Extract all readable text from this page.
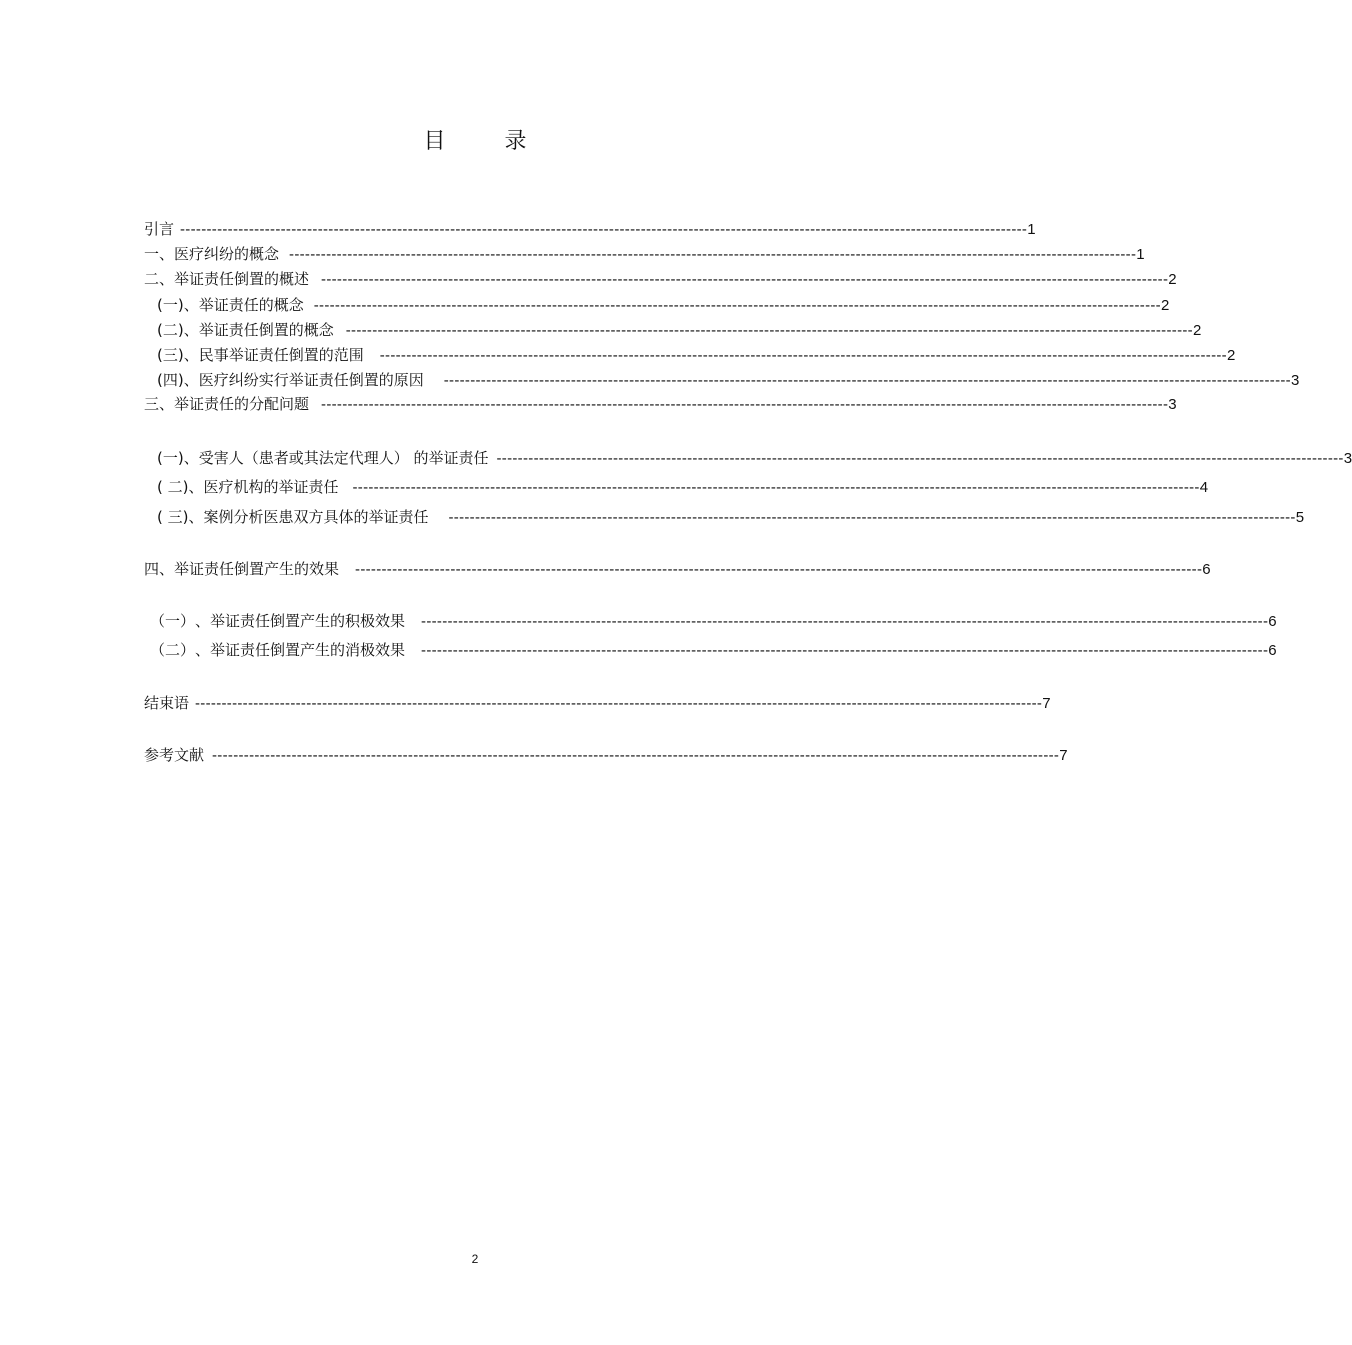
目 录
引言 ---------------------------------------------------------------------------------------------------------------------------------------------------------------- 1
一、 医疗纠纷的概念 ---------------------------------------------------------------------------------------------------------------------------------------------------------------- 1
二、 举证责任倒置的概述 ---------------------------------------------------------------------------------------------------------------------------------------------------------------- 2
(一) 、举证责任的概念 ---------------------------------------------------------------------------------------------------------------------------------------------------------------- 2
(二) 、举证责任倒置的概念 ---------------------------------------------------------------------------------------------------------------------------------------------------------------- 2
(三) 、民事举证责任倒置的范围 ---------------------------------------------------------------------------------------------------------------------------------------------------------------- 2
(四) 、医疗纠纷实行举证责任倒置的原因 ---------------------------------------------------------------------------------------------------------------------------------------------------------------- 3
三、 举证责任的分配问题 ---------------------------------------------------------------------------------------------------------------------------------------------------------------- 3
(一) 、受害人（患者或其法定代理人） 的举证责任 ---------------------------------------------------------------------------------------------------------------------------------------------------------------- 3
( 二) 、医疗机构的举证责任 ---------------------------------------------------------------------------------------------------------------------------------------------------------------- 4
( 三) 、案例分析医患双方具体的举证责任 ---------------------------------------------------------------------------------------------------------------------------------------------------------------- 5
四、 举证责任倒置产生的效果 ---------------------------------------------------------------------------------------------------------------------------------------------------------------- 6
（一） 、举证责任倒置产生的积极效果 ---------------------------------------------------------------------------------------------------------------------------------------------------------------- 6
（二） 、举证责任倒置产生的消极效果 ---------------------------------------------------------------------------------------------------------------------------------------------------------------- 6
结束语 ---------------------------------------------------------------------------------------------------------------------------------------------------------------- 7
参考文献 ---------------------------------------------------------------------------------------------------------------------------------------------------------------- 7
2
